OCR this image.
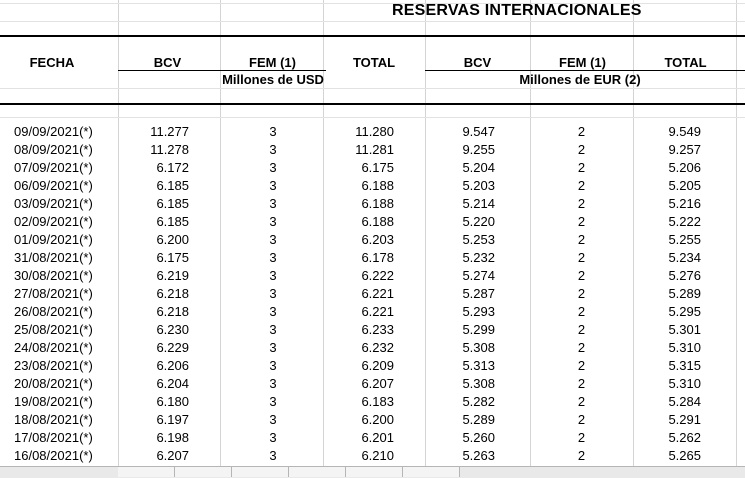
RESERVAS INTERNACIONALES
FECHA	BCV	FEM (1)	TOTAL	BCV	FEM (1)	TOTAL
Millones de USD	Millones de EUR (2)
09/09/2021(*)	11.277	3	11.280	9.547	2	9.549
08/09/2021(*)	11.278	3	11.281	9.255	2	9.257
07/09/2021(*)	6.172	3	6.175	5.204	2	5.206
06/09/2021(*)	6.185	3	6.188	5.203	2	5.205
03/09/2021(*)	6.185	3	6.188	5.214	2	5.216
02/09/2021(*)	6.185	3	6.188	5.220	2	5.222
01/09/2021(*)	6.200	3	6.203	5.253	2	5.255
31/08/2021(*)	6.175	3	6.178	5.232	2	5.234
30/08/2021(*)	6.219	3	6.222	5.274	2	5.276
27/08/2021(*)	6.218	3	6.221	5.287	2	5.289
26/08/2021(*)	6.218	3	6.221	5.293	2	5.295
25/08/2021(*)	6.230	3	6.233	5.299	2	5.301
24/08/2021(*)	6.229	3	6.232	5.308	2	5.310
23/08/2021(*)	6.206	3	6.209	5.313	2	5.315
20/08/2021(*)	6.204	3	6.207	5.308	2	5.310
19/08/2021(*)	6.180	3	6.183	5.282	2	5.284
18/08/2021(*)	6.197	3	6.200	5.289	2	5.291
17/08/2021(*)	6.198	3	6.201	5.260	2	5.262
16/08/2021(*)	6.207	3	6.210	5.263	2	5.265
